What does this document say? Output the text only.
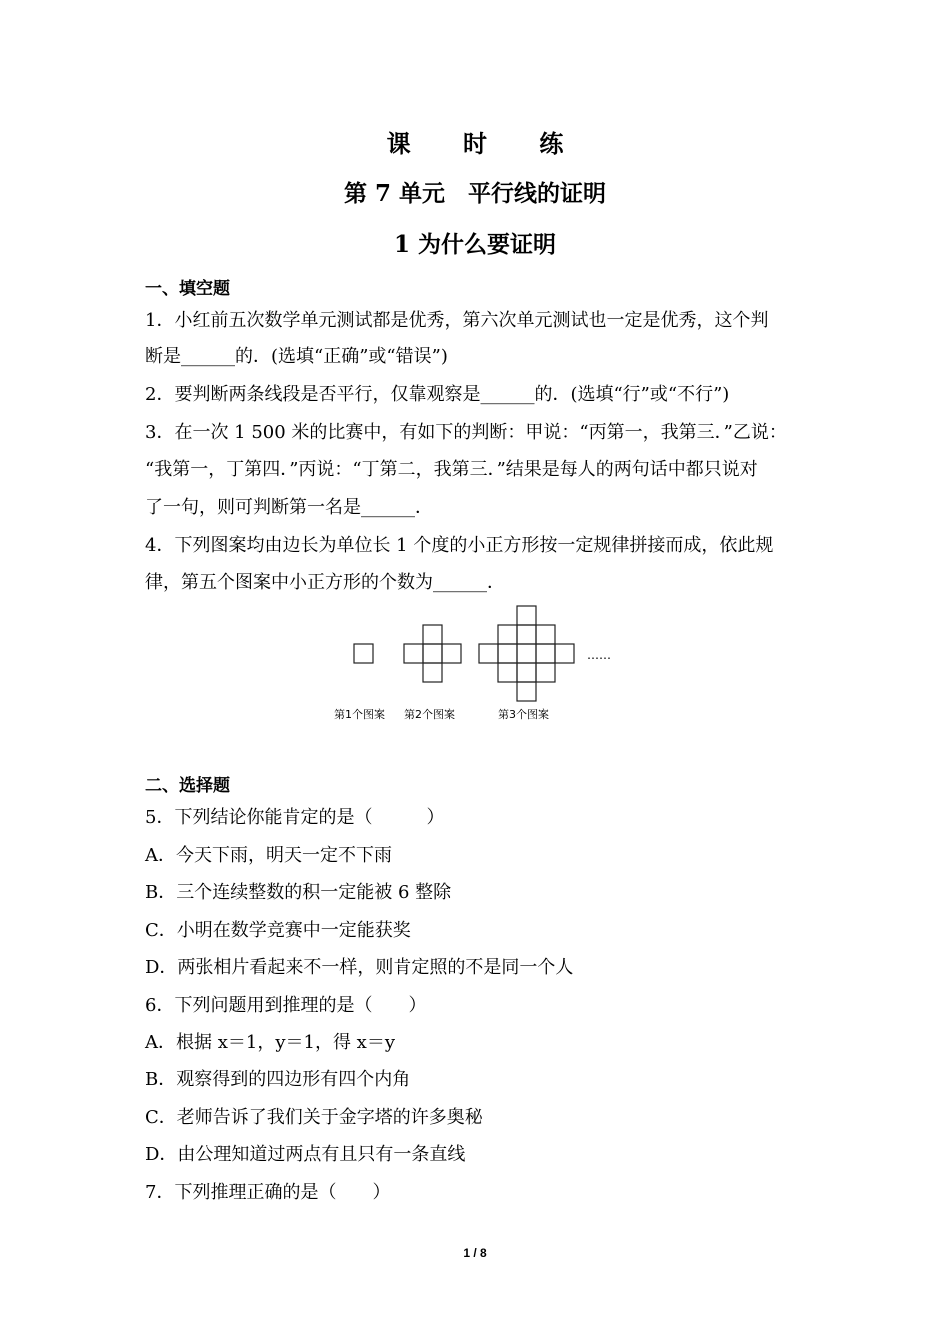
课 时 练
第 7 单元　平行线的证明
1 为什么要证明
一、填空题
1．小红前五次数学单元测试都是优秀，第六次单元测试也一定是优秀，这个判
断是______的．(选填“正确”或“错误”)
2．要判断两条线段是否平行，仅靠观察是______的．(选填“行”或“不行”)
3．在一次 1 500 米的比赛中，有如下的判断：甲说：“丙第一，我第三．”乙说：
“我第一，丁第四．”丙说：“丁第二，我第三．”结果是每人的两句话中都只说对
了一句，则可判断第一名是______．
4．下列图案均由边长为单位长 1 个度的小正方形按一定规律拼接而成，依此规
律，第五个图案中小正方形的个数为______．
……
第1个图案 第2个图案	第3个图案
二、选择题
5．下列结论你能肯定的是（　　　）
A．今天下雨，明天一定不下雨
B．三个连续整数的积一定能被 6 整除
C．小明在数学竞赛中一定能获奖
D．两张相片看起来不一样，则肯定照的不是同一个人
6．下列问题用到推理的是（　　）
A．根据 x＝1，y＝1，得 x＝y
B．观察得到的四边形有四个内角
C．老师告诉了我们关于金字塔的许多奥秘
D．由公理知道过两点有且只有一条直线
7．下列推理正确的是（　　）
1 / 8
